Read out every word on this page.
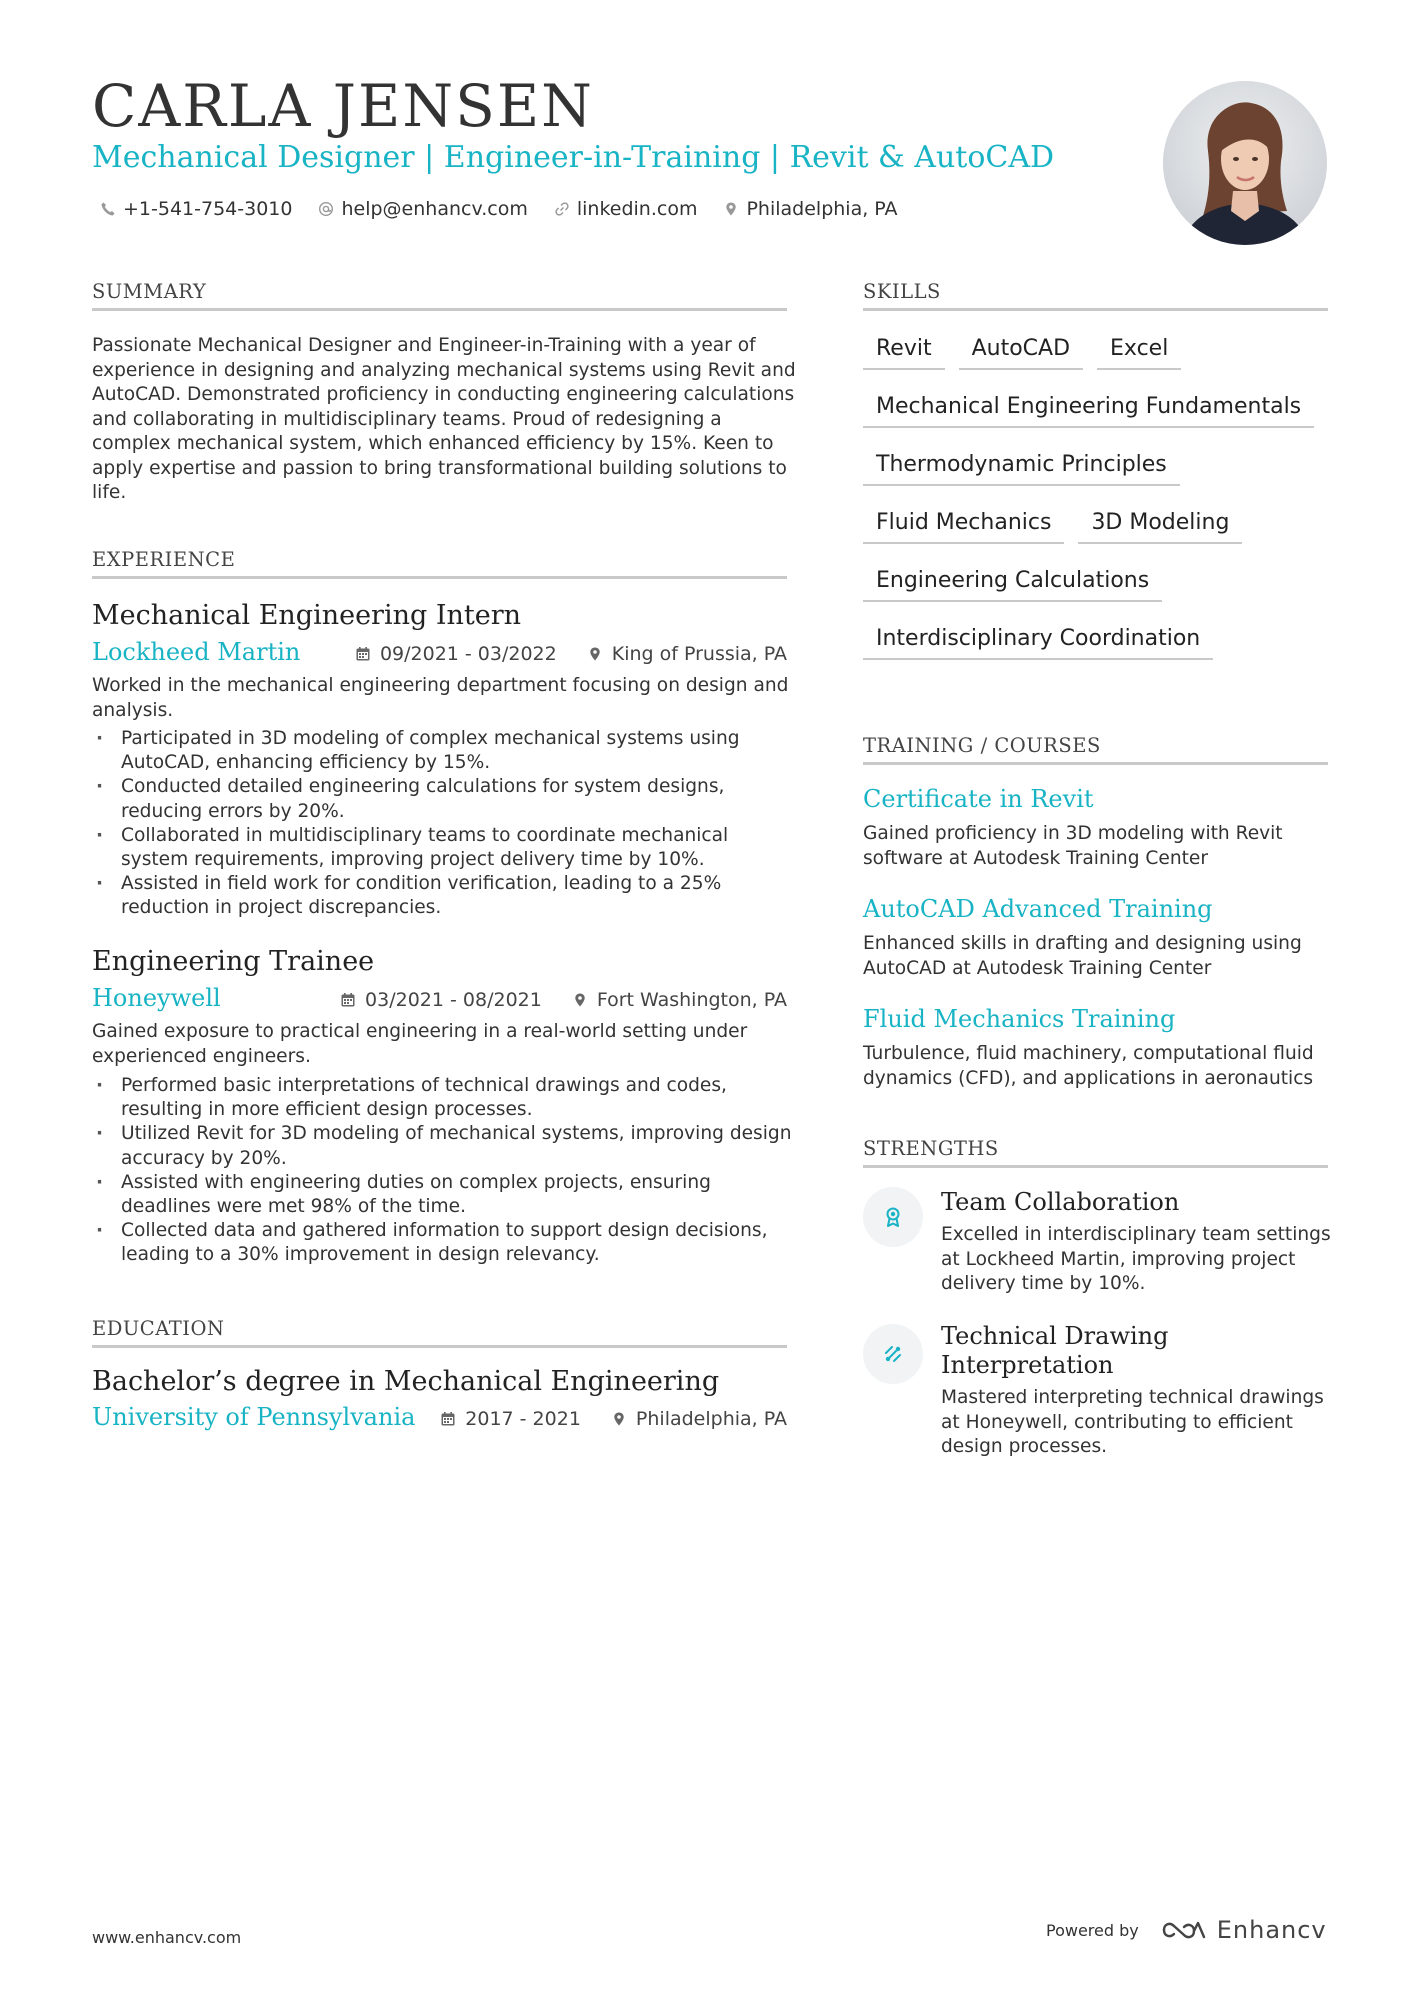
CARLA JENSEN
Mechanical Designer | Engineer-in-Training | Revit & AutoCAD
+1-541-754-3010	help@enhancv.com	linkedin.com	Philadelphia, PA
SUMMARY

Passionate Mechanical Designer and Engineer-in-Training with a year of experience in designing and analyzing mechanical systems using Revit and AutoCAD. Demonstrated proficiency in conducting engineering calculations and collaborating in multidisciplinary teams. Proud of redesigning a complex mechanical system, which enhanced efficiency by 15%. Keen to apply expertise and passion to bring transformational building solutions to life.

EXPERIENCE
Mechanical Engineering Intern
Lockheed Martin	09/2021 - 03/2022	King of Prussia, PA

Worked in the mechanical engineering department focusing on design and analysis.

· Participated in 3D modeling of complex mechanical systems using AutoCAD, enhancing efficiency by 15%.
· Conducted detailed engineering calculations for system designs, reducing errors by 20%.
· Collaborated in multidisciplinary teams to coordinate mechanical system requirements, improving project delivery time by 10%.
· Assisted in field work for condition verification, leading to a 25% reduction in project discrepancies.
Engineering Trainee
Honeywell	03/2021 - 08/2021	Fort Washington, PA

Gained exposure to practical engineering in a real-world setting under experienced engineers.

· Performed basic interpretations of technical drawings and codes, resulting in more efficient design processes.
· Utilized Revit for 3D modeling of mechanical systems, improving design accuracy by 20%.
· Assisted with engineering duties on complex projects, ensuring deadlines were met 98% of the time.
· Collected data and gathered information to support design decisions, leading to a 30% improvement in design relevancy.
EDUCATION
Bachelor’s degree in Mechanical Engineering
University of Pennsylvania	2017 - 2021	Philadelphia, PA
SKILLS
Revit	AutoCAD	Excel
Mechanical Engineering Fundamentals
Thermodynamic Principles
Fluid Mechanics	3D Modeling
Engineering Calculations
Interdisciplinary Coordination
TRAINING / COURSES
Certificate in Revit

Gained proficiency in 3D modeling with Revit software at Autodesk Training Center

AutoCAD Advanced Training

Enhanced skills in drafting and designing using AutoCAD at Autodesk Training Center

Fluid Mechanics Training

Turbulence, fluid machinery, computational fluid dynamics (CFD), and applications in aeronautics

STRENGTHS
Team Collaboration

Excelled in interdisciplinary team settings at Lockheed Martin, improving project delivery time by 10%.

Technical Drawing Interpretation

Mastered interpreting technical drawings at Honeywell, contributing to efficient design processes.

www.enhancv.com	Powered by	Enhancv
